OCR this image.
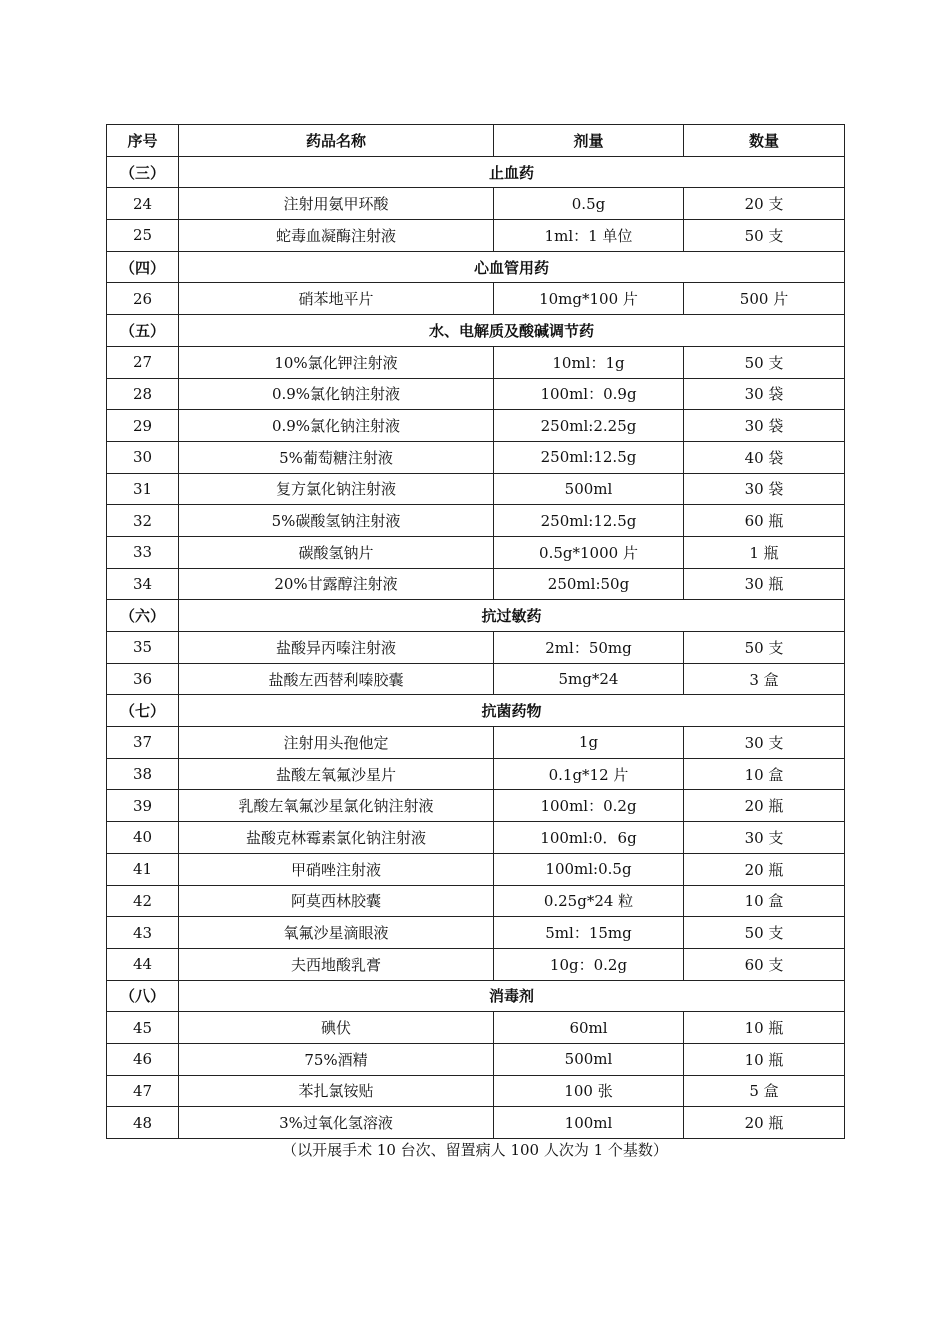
序号	药品名称	剂量	数量
（三）	止血药		
24	注射用氨甲环酸	0.5g	20 支
25	蛇毒血凝酶注射液	1ml：1 单位	50 支
（四）	心血管用药		
26	硝苯地平片	10mg*100 片	500 片
（五）	水、电解质及酸碱调节药		
27	10%氯化钾注射液	10ml：1g	50 支
28	0.9%氯化钠注射液	100ml：0.9g	30 袋
29	0.9%氯化钠注射液	250ml:2.25g	30 袋
30	5%葡萄糖注射液	250ml:12.5g	40 袋
31	复方氯化钠注射液	500ml	30 袋
32	5%碳酸氢钠注射液	250ml:12.5g	60 瓶
33	碳酸氢钠片	0.5g*1000 片	1 瓶
34	20%甘露醇注射液	250ml:50g	30 瓶
（六）	抗过敏药		
35	盐酸异丙嗪注射液	2ml：50mg	50 支
36	盐酸左西替利嗪胶囊	5mg*24	3 盒
（七）	抗菌药物		
37	注射用头孢他定	1g	30 支
38	盐酸左氧氟沙星片	0.1g*12 片	10 盒
39	乳酸左氧氟沙星氯化钠注射液	100ml：0.2g	20 瓶
40	盐酸克林霉素氯化钠注射液	100ml:0．6g	30 支
41	甲硝唑注射液	100ml:0.5g	20 瓶
42	阿莫西林胶囊	0.25g*24 粒	10 盒
43	氧氟沙星滴眼液	5ml：15mg	50 支
44	夫西地酸乳膏	10g：0.2g	60 支
（八）	消毒剂		
45	碘伏	60ml	10 瓶
46	75%酒精	500ml	10 瓶
47	苯扎氯铵贴	100 张	5 盒
48	3%过氧化氢溶液	100ml	20 瓶
（以开展手术 10 台次、留置病人 100 人次为 1 个基数）
